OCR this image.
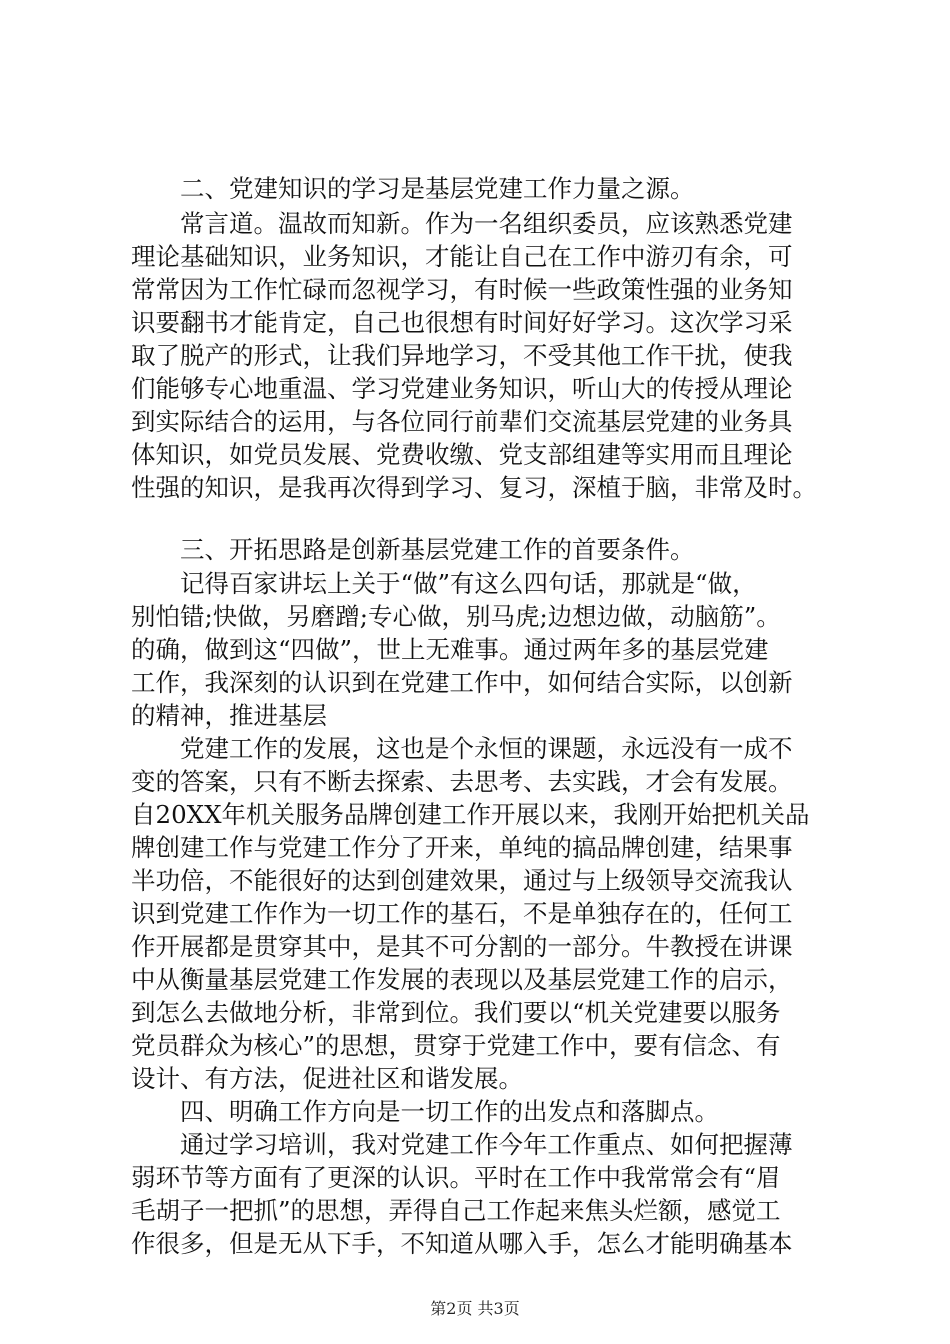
二、党建知识的学习是基层党建工作力量之源。
常言道。温故而知新。作为一名组织委员，应该熟悉党建
理论基础知识，业务知识，才能让自己在工作中游刃有余，可
常常因为工作忙碌而忽视学习，有时候一些政策性强的业务知
识要翻书才能肯定，自己也很想有时间好好学习。这次学习采
取了脱产的形式，让我们异地学习，不受其他工作干扰，使我
们能够专心地重温、学习党建业务知识，听山大的传授从理论
到实际结合的运用，与各位同行前辈们交流基层党建的业务具
体知识，如党员发展、党费收缴、党支部组建等实用而且理论
性强的知识，是我再次得到学习、复习，深植于脑，非常及时。
三、开拓思路是创新基层党建工作的首要条件。
记得百家讲坛上关于“做”有这么四句话，那就是“做，
别怕错;快做，另磨蹭;专心做，别马虎;边想边做，动脑筋”。
的确，做到这“四做”，世上无难事。通过两年多的基层党建
工作，我深刻的认识到在党建工作中，如何结合实际，以创新
的精神，推进基层
党建工作的发展，这也是个永恒的课题，永远没有一成不
变的答案，只有不断去探索、去思考、去实践，才会有发展。
自20XX年机关服务品牌创建工作开展以来，我刚开始把机关品
牌创建工作与党建工作分了开来，单纯的搞品牌创建，结果事
半功倍，不能很好的达到创建效果，通过与上级领导交流我认
识到党建工作作为一切工作的基石，不是单独存在的，任何工
作开展都是贯穿其中，是其不可分割的一部分。牛教授在讲课
中从衡量基层党建工作发展的表现以及基层党建工作的启示，
到怎么去做地分析，非常到位。我们要以“机关党建要以服务
党员群众为核心”的思想，贯穿于党建工作中，要有信念、有
设计、有方法，促进社区和谐发展。
四、明确工作方向是一切工作的出发点和落脚点。
通过学习培训，我对党建工作今年工作重点、如何把握薄
弱环节等方面有了更深的认识。平时在工作中我常常会有“眉
毛胡子一把抓”的思想，弄得自己工作起来焦头烂额，感觉工
作很多，但是无从下手，不知道从哪入手，怎么才能明确基本
第2页 共3页
